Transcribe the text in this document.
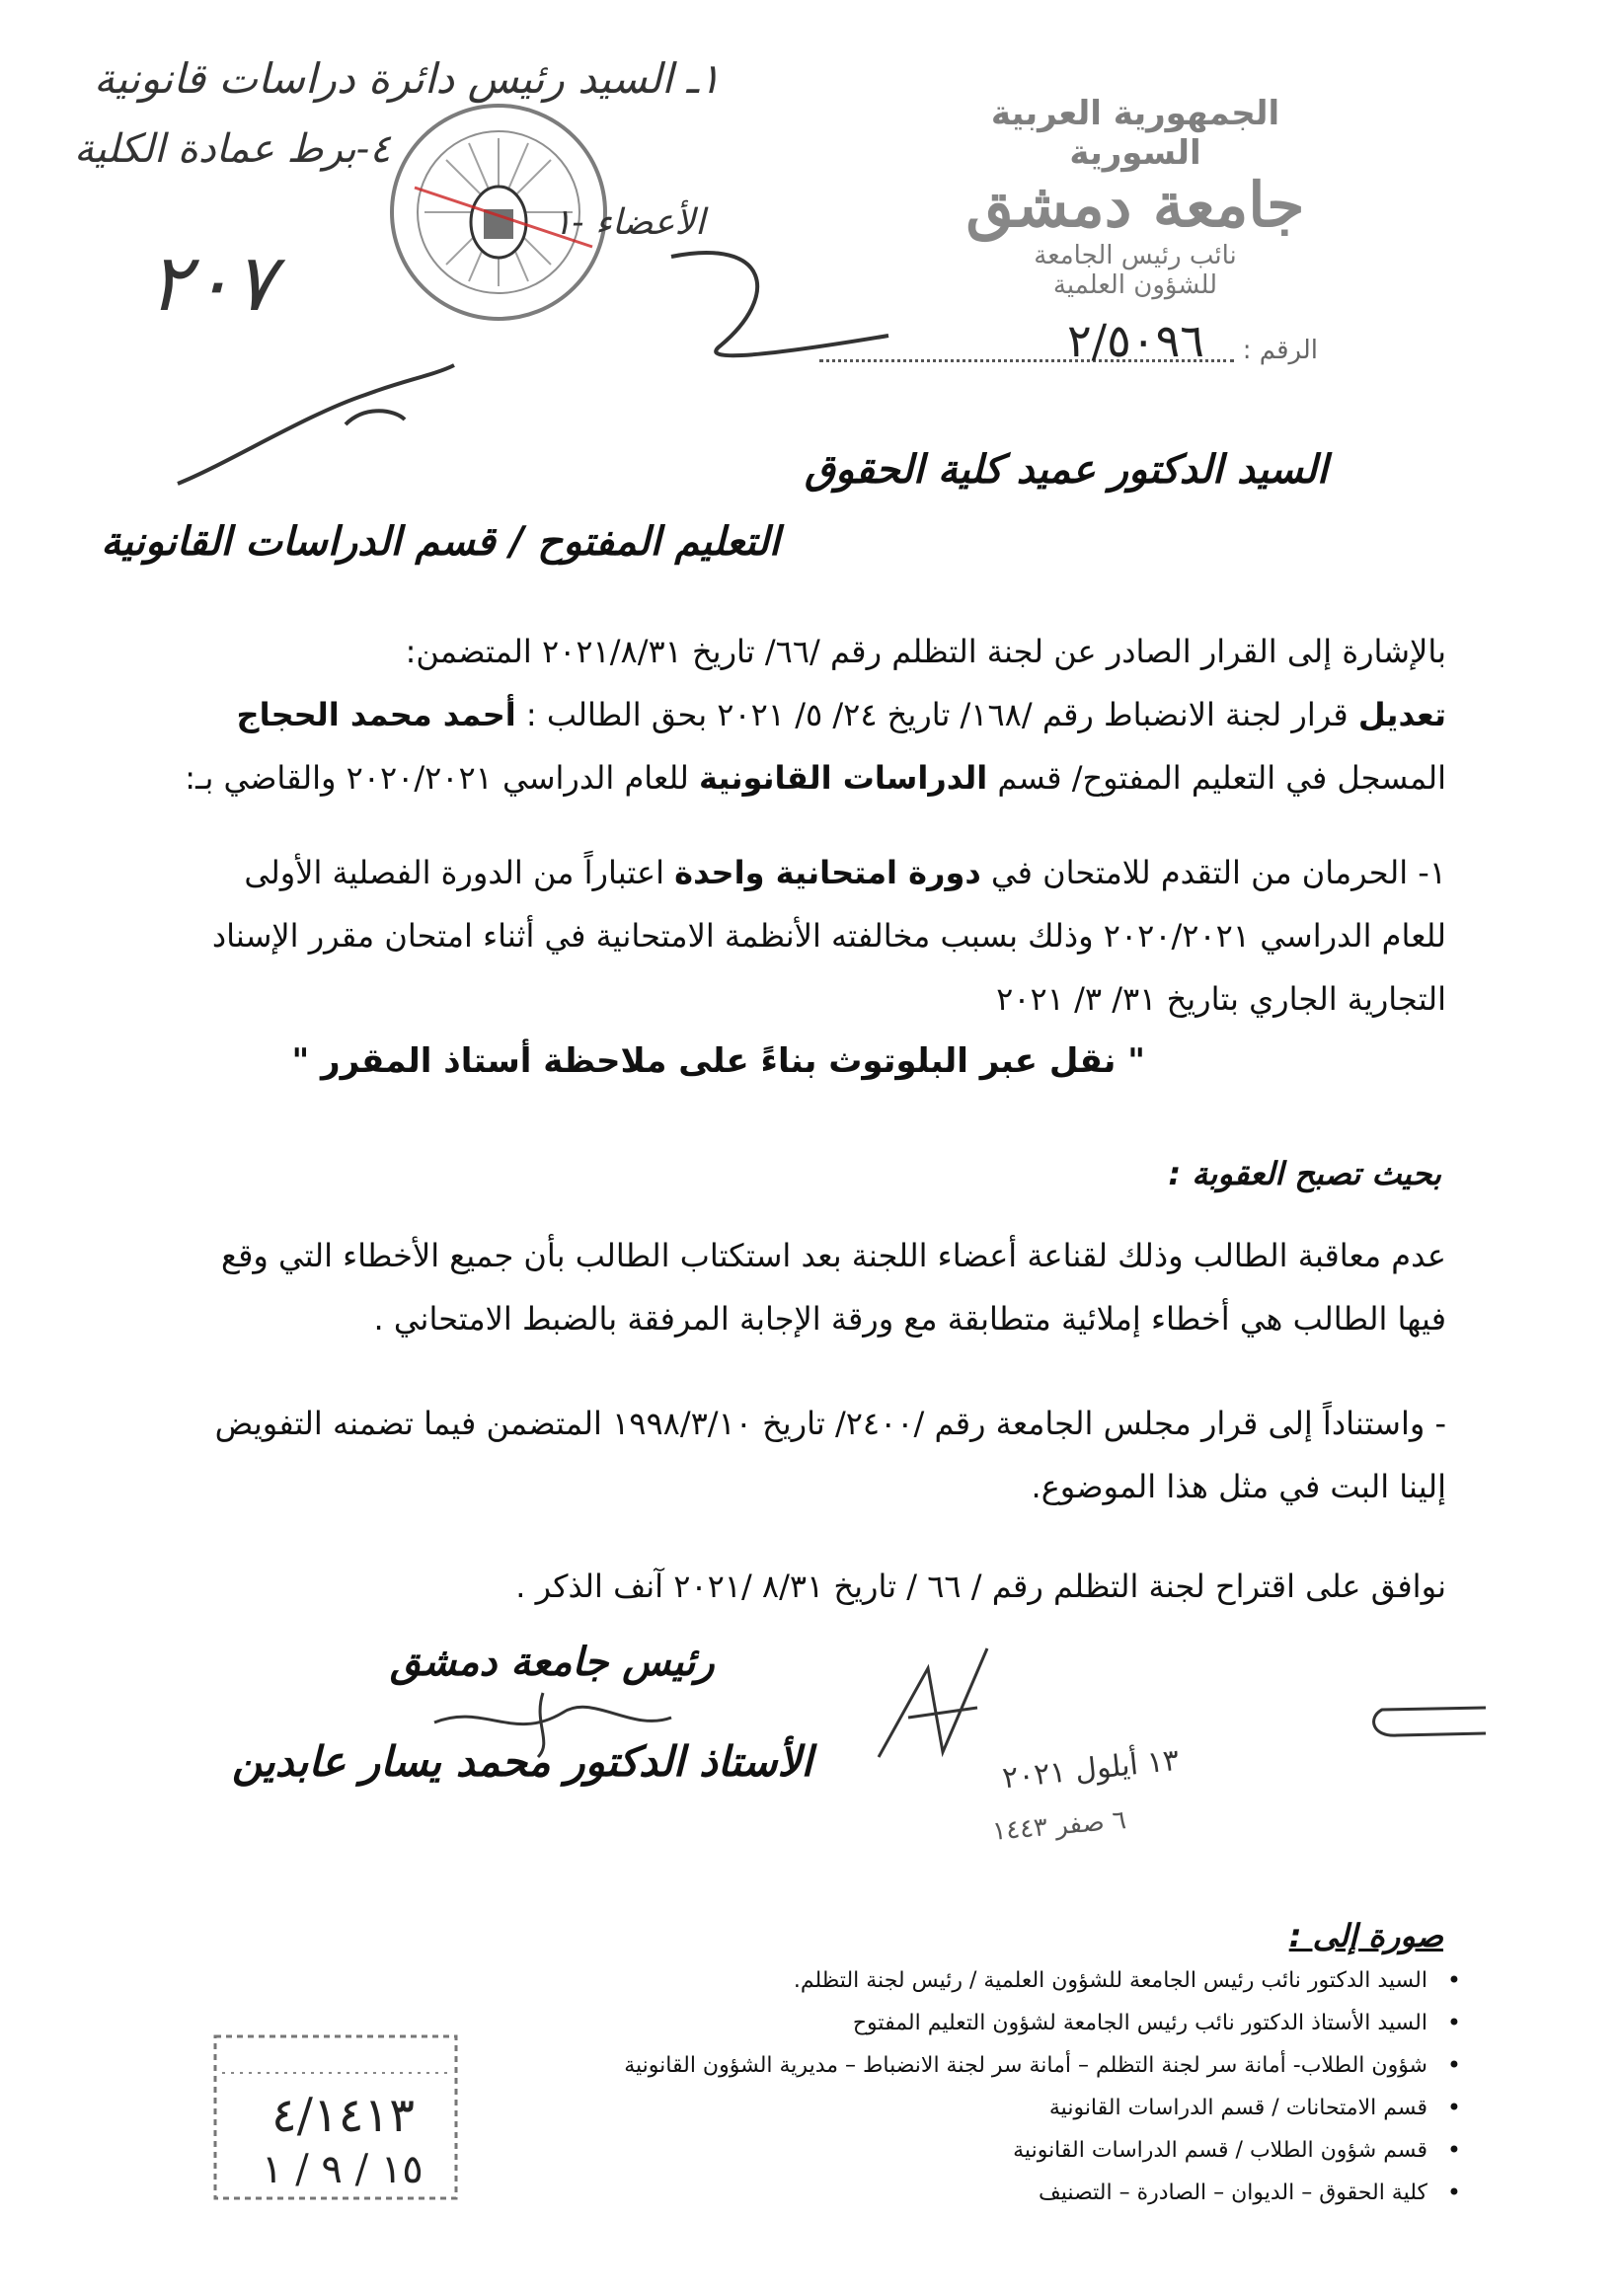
١ـ السيد رئيس دائرة دراسات قانونية
٤-برط عمادة الكلية
٢٠٧
الأعضاء -١
الجمهورية العربية السورية
جامعة دمشق
نائب رئيس الجامعة
للشؤون العلمية
الرقم :
٢/٥٠٩٦
السيد الدكتور عميد كلية الحقوق
التعليم المفتوح / قسم الدراسات القانونية
بالإشارة إلى القرار الصادر عن لجنة التظلم رقم /٦٦/ تاريخ ٢٠٢١/٨/٣١ المتضمن:
تعديل قرار لجنة الانضباط رقم /١٦٨/ تاريخ ٢٤/ ٥/ ٢٠٢١ بحق الطالب : أحمد محمد الحجاج
المسجل في التعليم المفتوح/ قسم الدراسات القانونية للعام الدراسي ٢٠٢٠/٢٠٢١ والقاضي بـ:
١- الحرمان من التقدم للامتحان في دورة امتحانية واحدة اعتباراً من الدورة الفصلية الأولى للعام الدراسي ٢٠٢٠/٢٠٢١ وذلك بسبب مخالفته الأنظمة الامتحانية في أثناء امتحان مقرر الإسناد التجارية الجاري بتاريخ ٣١/ ٣/ ٢٠٢١
" نقل عبر البلوتوث بناءً على ملاحظة أستاذ المقرر "
بحيث تصبح العقوبة :
عدم معاقبة الطالب وذلك لقناعة أعضاء اللجنة بعد استكتاب الطالب بأن جميع الأخطاء التي وقع فيها الطالب هي أخطاء إملائية متطابقة مع ورقة الإجابة المرفقة بالضبط الامتحاني .
- واستناداً إلى قرار مجلس الجامعة رقم /٢٤٠٠/ تاريخ ١٩٩٨/٣/١٠ المتضمن فيما تضمنه التفويض إلينا البت في مثل هذا الموضوع.
نوافق على اقتراح لجنة التظلم رقم / ٦٦ / تاريخ ٨/٣١ /٢٠٢١ آنف الذكر .
رئيس جامعة دمشق
الأستاذ الدكتور محمد يسار عابدين	١٣ أيلول ٢٠٢١
٦ صفر ١٤٤٣
صورة إلى :
السيد الدكتور نائب رئيس الجامعة للشؤون العلمية / رئيس لجنة التظلم. •
السيد الأستاذ الدكتور نائب رئيس الجامعة لشؤون التعليم المفتوح •
شؤون الطلاب- أمانة سر لجنة التظلم – أمانة سر لجنة الانضباط – مديرية الشؤون القانونية •
قسم الامتحانات / قسم الدراسات القانونية •
قسم شؤون الطلاب / قسم الدراسات القانونية •
كلية الحقوق – الديوان – الصادرة – التصنيف •
٤/١٤١٣
١٥ / ٩ / ١
